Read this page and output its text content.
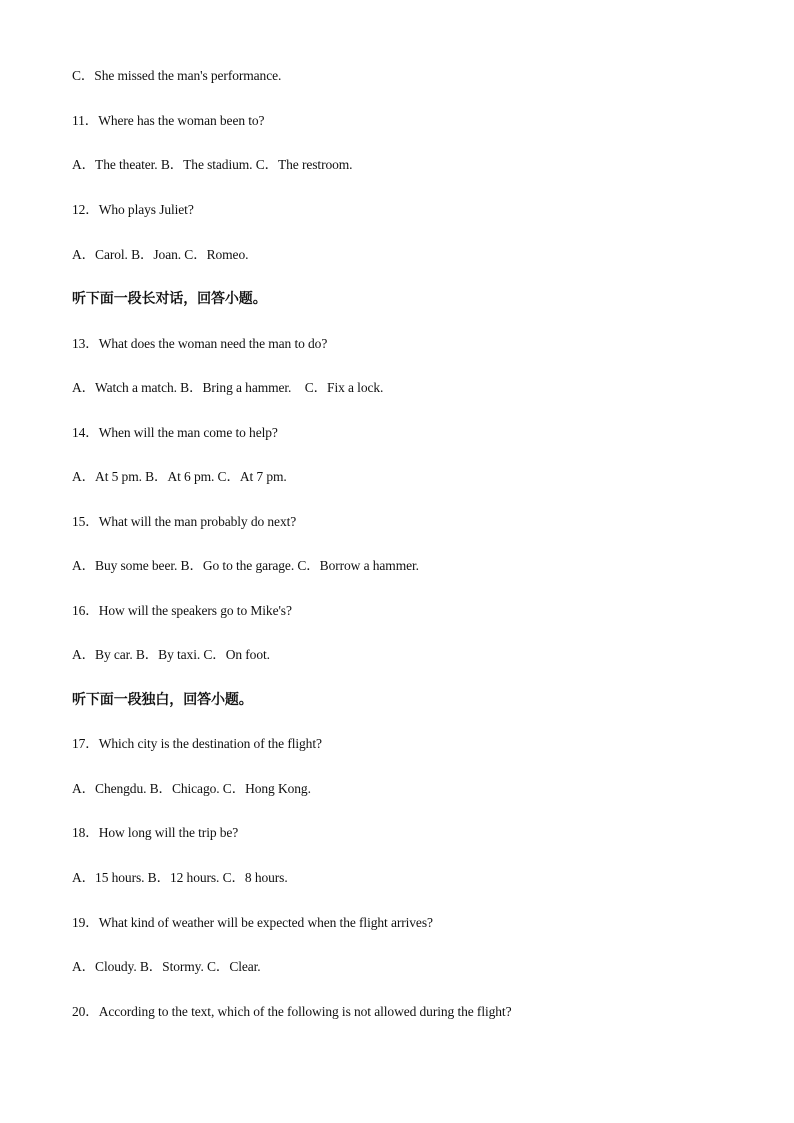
C．She missed the man's performance.
11．Where has the woman been to?
A．The theater. B．The stadium. C．The restroom.
12．Who plays Juliet?
A．Carol. B．Joan. C．Romeo.
听下面一段长对话，回答小题。
13．What does the woman need the man to do?
A．Watch a match. B．Bring a hammer.　C．Fix a lock.
14．When will the man come to help?
A．At 5 pm. B．At 6 pm. C．At 7 pm.
15．What will the man probably do next?
A．Buy some beer. B．Go to the garage. C．Borrow a hammer.
16．How will the speakers go to Mike's?
A．By car. B．By taxi. C．On foot.
听下面一段独白，回答小题。
17．Which city is the destination of the flight?
A．Chengdu. B．Chicago. C．Hong Kong.
18．How long will the trip be?
A．15 hours. B．12 hours. C．8 hours.
19．What kind of weather will be expected when the flight arrives?
A．Cloudy. B．Stormy. C．Clear.
20．According to the text, which of the following is not allowed during the flight?
